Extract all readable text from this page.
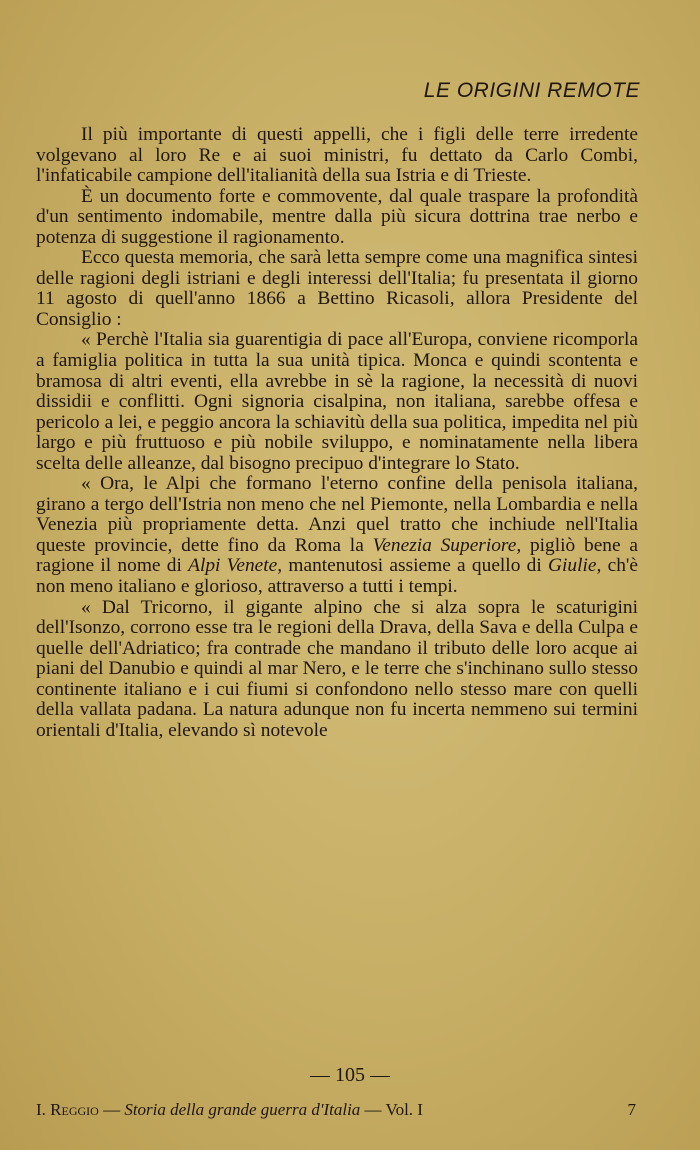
LE ORIGINI REMOTE

Il più importante di questi appelli, che i figli delle terre irredente volgevano al loro Re e ai suoi ministri, fu dettato da Carlo Combi, l'infaticabile campione dell'italianità della sua Istria e di Trieste.

È un documento forte e commovente, dal quale traspare la profondità d'un sentimento indomabile, mentre dalla più sicura dottrina trae nerbo e potenza di suggestione il ragionamento.

Ecco questa memoria, che sarà letta sempre come una magnifica sintesi delle ragioni degli istriani e degli interessi dell'Italia; fu presentata il giorno 11 agosto di quell'anno 1866 a Bettino Ricasoli, allora Presidente del Consiglio :

« Perchè l'Italia sia guarentigia di pace all'Europa, conviene ricomporla a famiglia politica in tutta la sua unità tipica. Monca e quindi scontenta e bramosa di altri eventi, ella avrebbe in sè la ragione, la necessità di nuovi dissidii e conflitti. Ogni signoria cisalpina, non italiana, sarebbe offesa e pericolo a lei, e peggio ancora la schiavitù della sua politica, impedita nel più largo e più fruttuoso e più nobile sviluppo, e nominatamente nella libera scelta delle alleanze, dal bisogno precipuo d'integrare lo Stato.

« Ora, le Alpi che formano l'eterno confine della penisola italiana, girano a tergo dell'Istria non meno che nel Piemonte, nella Lombardia e nella Venezia più propriamente detta. Anzi quel tratto che inchiude nell'Italia queste provincie, dette fino da Roma la Venezia Superiore, pigliò bene a ragione il nome di Alpi Venete, mantenutosi assieme a quello di Giulie, ch'è non meno italiano e glorioso, attraverso a tutti i tempi.

« Dal Tricorno, il gigante alpino che si alza sopra le scaturigini dell'Isonzo, corrono esse tra le regioni della Drava, della Sava e della Culpa e quelle dell'Adriatico; fra contrade che mandano il tributo delle loro acque ai piani del Danubio e quindi al mar Nero, e le terre che s'inchinano sullo stesso continente italiano e i cui fiumi si confondono nello stesso mare con quelli della vallata padana. La natura adunque non fu incerta nemmeno sui termini orientali d'Italia, elevando sì notevole

— 105 —
I. Reggio — Storia della grande guerra d'Italia — Vol. I	7
